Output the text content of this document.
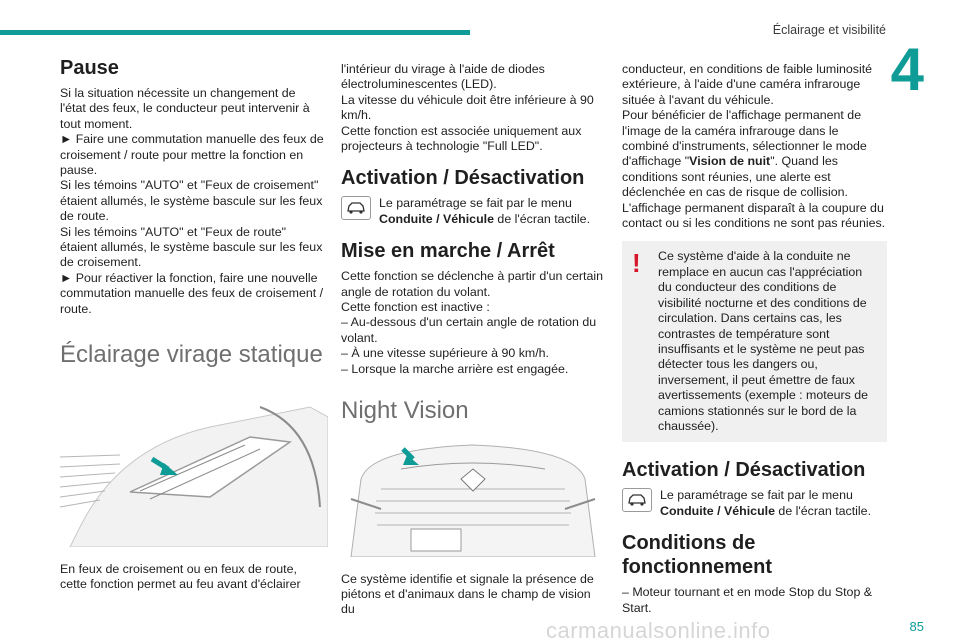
Éclairage et visibilité
4
Pause

Si la situation nécessite un changement de l'état des feux, le conducteur peut intervenir à tout moment.

► Faire une commutation manuelle des feux de croisement / route pour mettre la fonction en pause.

Si les témoins "AUTO" et "Feux de croisement" étaient allumés, le système bascule sur les feux de route.

Si les témoins "AUTO" et "Feux de route" étaient allumés, le système bascule sur les feux de croisement.

► Pour réactiver la fonction, faire une nouvelle commutation manuelle des feux de croisement / route.

Éclairage virage statique

En feux de croisement ou en feux de route, cette fonction permet au feu avant d'éclairer

l'intérieur du virage à l'aide de diodes électroluminescentes (LED).

La vitesse du véhicule doit être inférieure à 90 km/h.

Cette fonction est associée uniquement aux projecteurs à technologie "Full LED".

Activation / Désactivation

Le paramétrage se fait par le menu
Conduite / Véhicule de l'écran tactile.

Mise en marche / Arrêt

Cette fonction se déclenche à partir d'un certain angle de rotation du volant.

Cette fonction est inactive :

– Au-dessous d'un certain angle de rotation du volant.

– À une vitesse supérieure à 90 km/h.

– Lorsque la marche arrière est engagée.

Night Vision

Ce système identifie et signale la présence de piétons et d'animaux dans le champ de vision du

conducteur, en conditions de faible luminosité extérieure, à l'aide d'une caméra infrarouge située à l'avant du véhicule.

Pour bénéficier de l'affichage permanent de l'image de la caméra infrarouge dans le combiné d'instruments, sélectionner le mode d'affichage "Vision de nuit". Quand les conditions sont réunies, une alerte est déclenchée en cas de risque de collision.

L'affichage permanent disparaît à la coupure du contact ou si les conditions ne sont pas réunies.

!	Ce système d'aide à la conduite ne remplace en aucun cas l'appréciation du conducteur des conditions de visibilité nocturne et des conditions de circulation. Dans certains cas, les contrastes de température sont insuffisants et le système ne peut pas détecter tous les dangers ou, inversement, il peut émettre de faux avertissements (exemple : moteurs de camions stationnés sur le bord de la chaussée).

Activation / Désactivation

Le paramétrage se fait par le menu
Conduite / Véhicule de l'écran tactile.

Conditions de fonctionnement

– Moteur tournant et en mode Stop du Stop & Start.

carmanualsonline.info	85
